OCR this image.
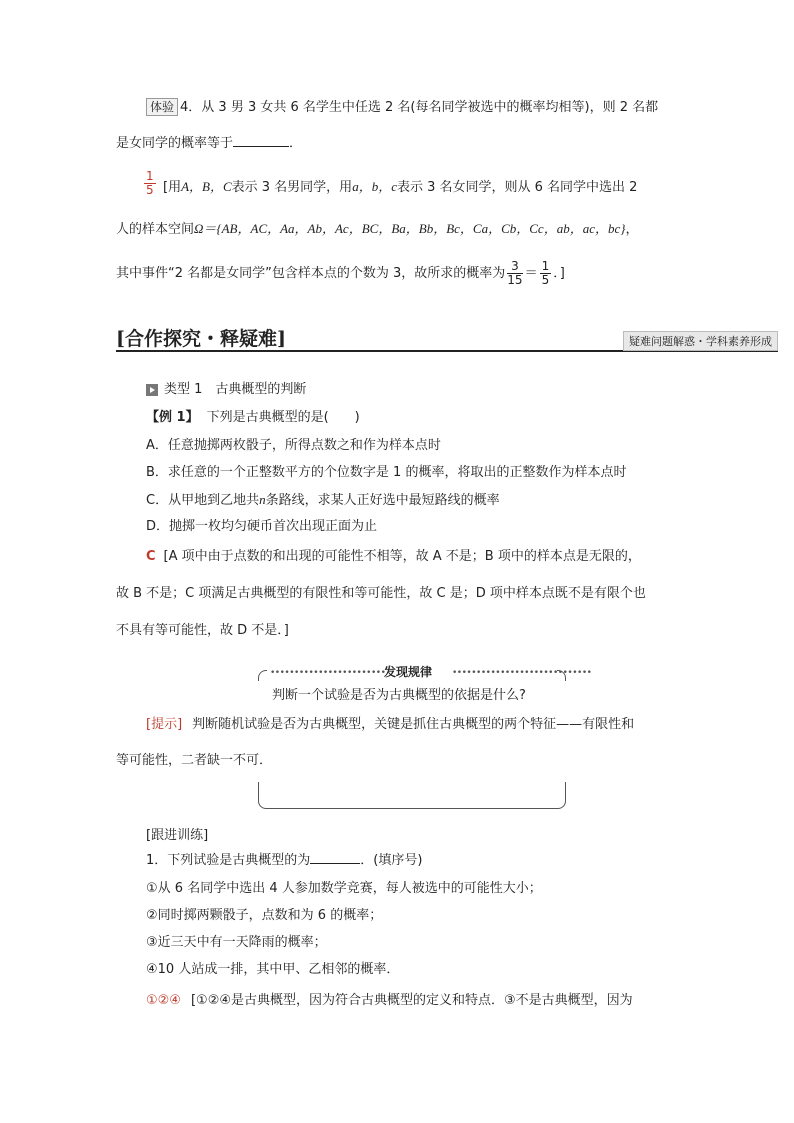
体验 4．从 3 男 3 女共 6 名学生中任选 2 名(每名同学被选中的概率均相等)，则 2 名都
是女同学的概率等于	．
$\frac{1}{5}$ [用A，B，C表示 3 名男同学，用a，b，c表示 3 名女同学，则从 6 名同学中选出 2
人的样本空间Ω＝{AB，AC，Aa，Ab，Ac，BC，Ba，Bb，Bc，Ca，Cb，Cc，ab，ac，bc}，
其中事件“2 名都是女同学”包含样本点的个数为 3，故所求的概率为 $\frac{3}{15} = \frac{1}{5}$ ．]
[合作探究・释疑难]	疑难问题解惑・学科素养形成
类型 1　古典概型的判断
【例 1】 下列是古典概型的是(　　)
A．任意抛掷两枚骰子，所得点数之和作为样本点时
B．求任意的一个正整数平方的个位数字是 1 的概率，将取出的正整数作为样本点时
C．从甲地到乙地共n条路线，求某人正好选中最短路线的概率
D．抛掷一枚均匀硬币首次出现正面为止
C [A 项中由于点数的和出现的可能性不相等，故 A 不是；B 项中的样本点是无限的，
故 B 不是；C 项满足古典概型的有限性和等可能性，故 C 是；D 项中样本点既不是有限个也
不具有等可能性，故 D 不是．]
••••••••••••••••••••••••
发现规律 •••••••••••••••••••••••••••••
判断一个试验是否为古典概型的依据是什么?
[提示] 判断随机试验是否为古典概型，关键是抓住古典概型的两个特征——有限性和
等可能性，二者缺一不可．
[跟进训练]
1．下列试验是古典概型的为	．(填序号)
①从 6 名同学中选出 4 人参加数学竞赛，每人被选中的可能性大小；
②同时掷两颗骰子，点数和为 6 的概率；
③近三天中有一天降雨的概率；
④10 人站成一排，其中甲、乙相邻的概率．
①②④ [①②④是古典概型，因为符合古典概型的定义和特点．③不是古典概型，因为
